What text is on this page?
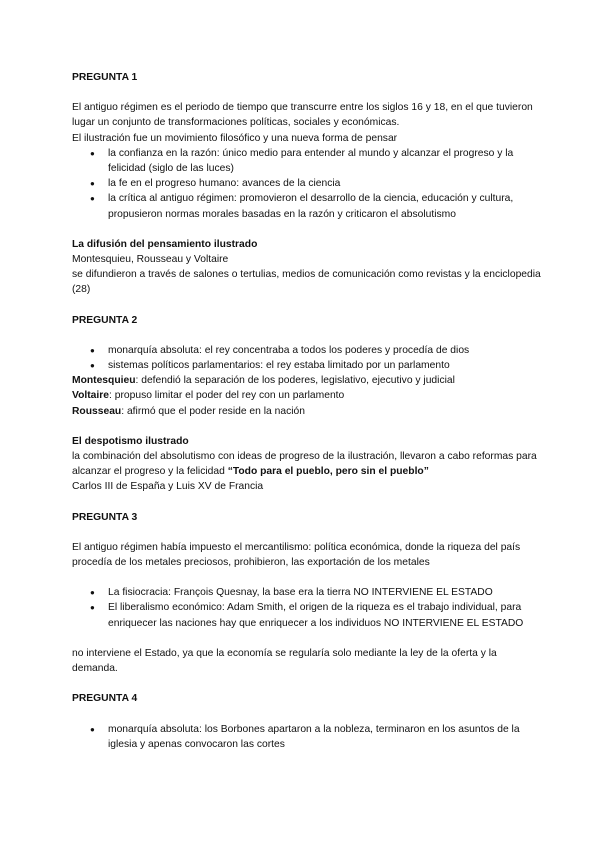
PREGUNTA 1

El antiguo régimen es el periodo de tiempo que transcurre entre los siglos 16 y 18, en el que tuvieron lugar un conjunto de transformaciones políticas, sociales y económicas.

El ilustración fue un movimiento filosófico y una nueva forma de pensar

● la confianza en la razón: único medio para entender al mundo y alcanzar el progreso y la felicidad (siglo de las luces)
● la fe en el progreso humano: avances de la ciencia
● la crítica al antiguo régimen: promovieron el desarrollo de la ciencia, educación y cultura, propusieron normas morales basadas en la razón y criticaron el absolutismo

La difusión del pensamiento ilustrado

Montesquieu, Rousseau y Voltaire

se difundieron a través de salones o tertulias, medios de comunicación como revistas y la enciclopedia (28)

PREGUNTA 2

● monarquía absoluta: el rey concentraba a todos los poderes y procedía de dios
● sistemas políticos parlamentarios: el rey estaba limitado por un parlamento

Montesquieu: defendió la separación de los poderes, legislativo, ejecutivo y judicial

Voltaire: propuso limitar el poder del rey con un parlamento

Rousseau: afirmó que el poder reside en la nación

El despotismo ilustrado

la combinación del absolutismo con ideas de progreso de la ilustración, llevaron a cabo reformas para alcanzar el progreso y la felicidad “Todo para el pueblo, pero sin el pueblo”

Carlos III de España y Luis XV de Francia

PREGUNTA 3

El antiguo régimen había impuesto el mercantilismo: política económica, donde la riqueza del país procedía de los metales preciosos, prohibieron, las exportación de los metales

● La fisiocracia: François Quesnay, la base era la tierra NO INTERVIENE EL ESTADO
● El liberalismo económico: Adam Smith, el origen de la riqueza es el trabajo individual, para enriquecer las naciones hay que enriquecer a los individuos NO INTERVIENE EL ESTADO

no interviene el Estado, ya que la economía se regularía solo mediante la ley de la oferta y la demanda.

PREGUNTA 4

● monarquía absoluta: los Borbones apartaron a la nobleza, terminaron en los asuntos de la iglesia y apenas convocaron las cortes
